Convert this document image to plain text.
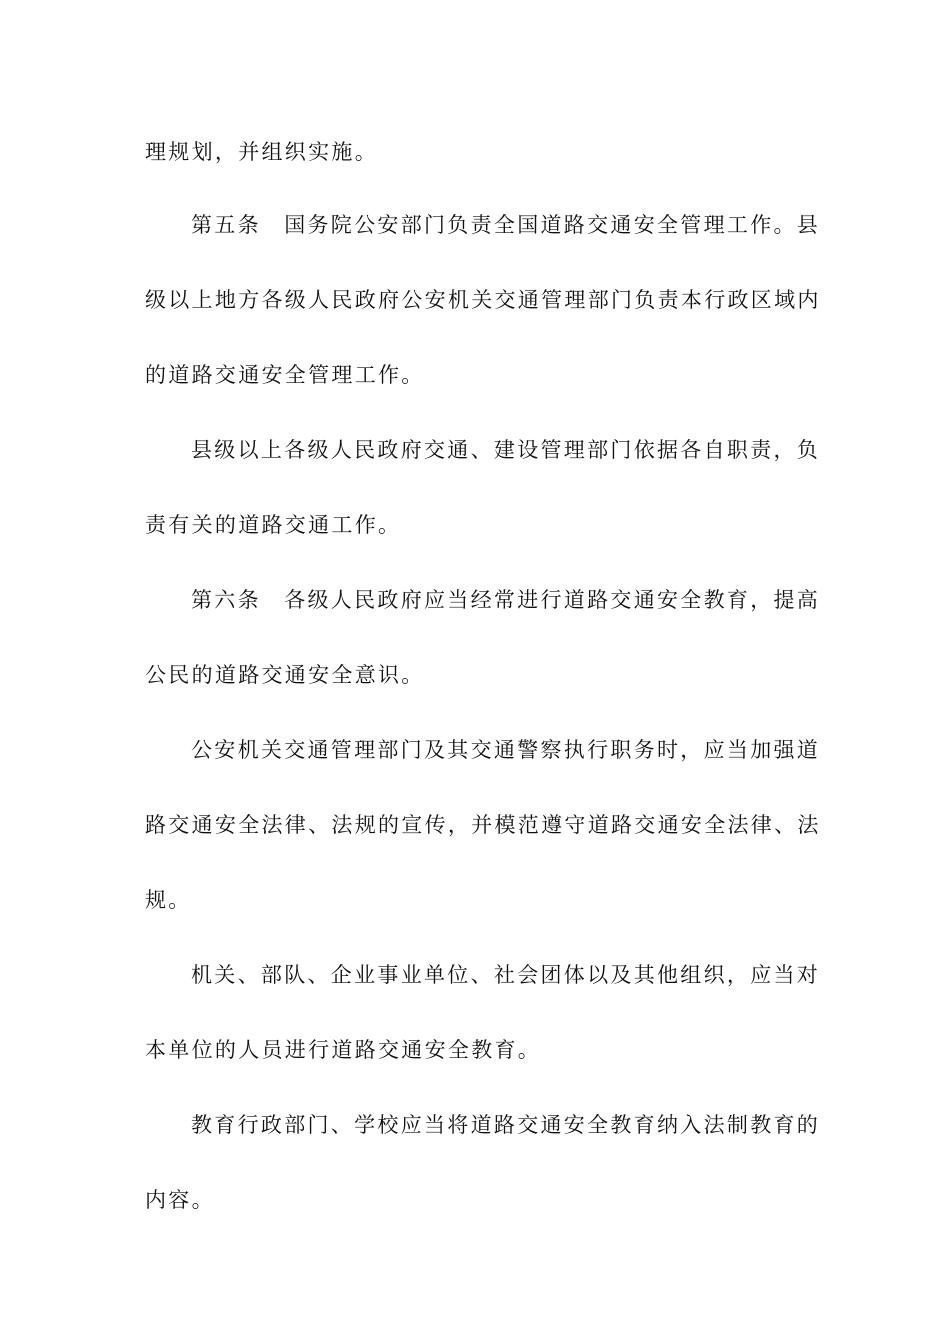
理规划，并组织实施。

第五条　国务院公安部门负责全国道路交通安全管理工作。县

级以上地方各级人民政府公安机关交通管理部门负责本行政区域内

的道路交通安全管理工作。

县级以上各级人民政府交通、建设管理部门依据各自职责，负

责有关的道路交通工作。

第六条　各级人民政府应当经常进行道路交通安全教育，提高

公民的道路交通安全意识。

公安机关交通管理部门及其交通警察执行职务时，应当加强道

路交通安全法律、法规的宣传，并模范遵守道路交通安全法律、法

规。

机关、部队、企业事业单位、社会团体以及其他组织，应当对

本单位的人员进行道路交通安全教育。

教育行政部门、学校应当将道路交通安全教育纳入法制教育的

内容。
